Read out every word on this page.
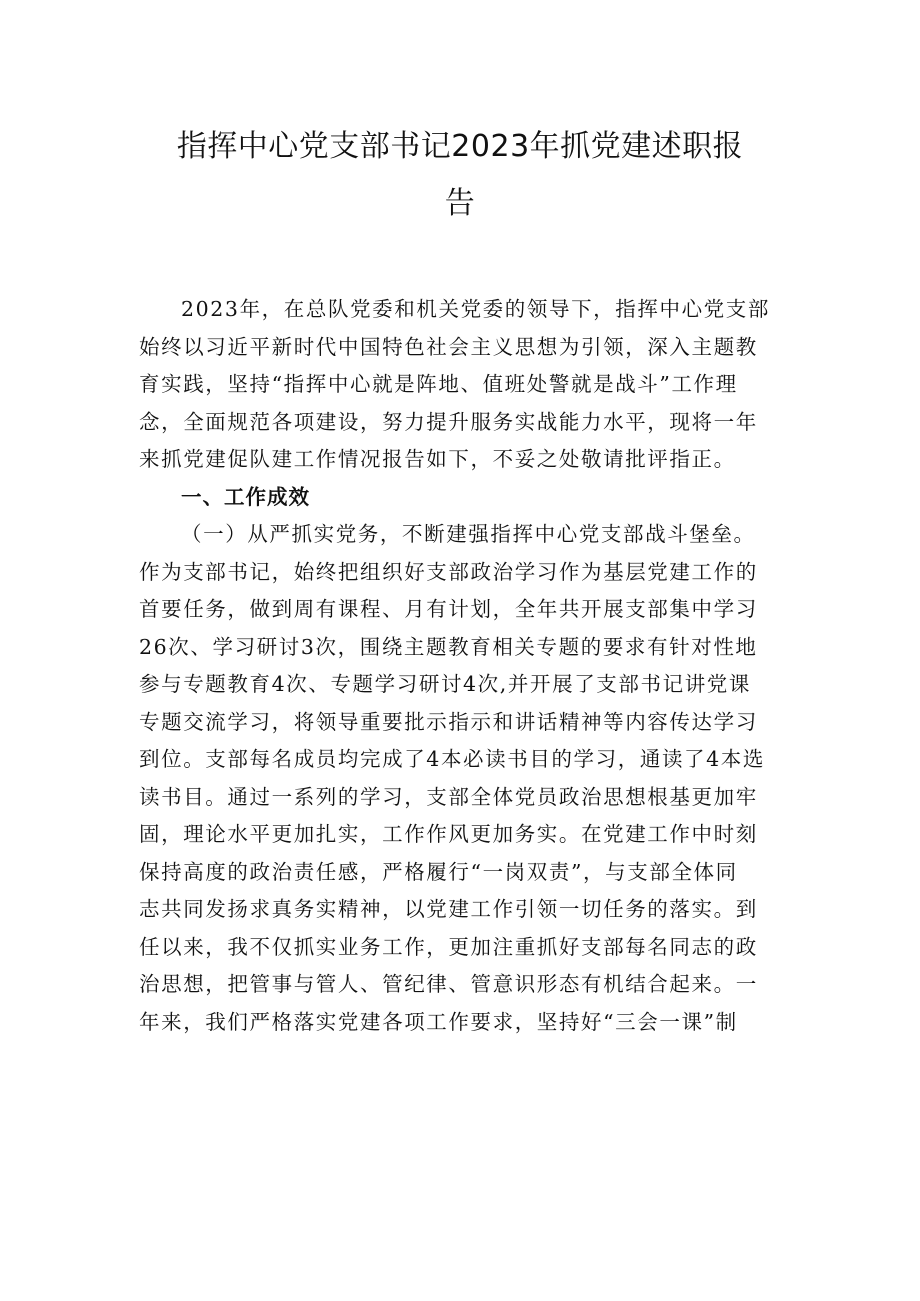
指挥中心党支部书记2023年抓党建述职报
告
2023年，在总队党委和机关党委的领导下，指挥中心党支部
始终以习近平新时代中国特色社会主义思想为引领，深入主题教
育实践，坚持“指挥中心就是阵地、值班处警就是战斗”工作理
念，全面规范各项建设，努力提升服务实战能力水平，现将一年
来抓党建促队建工作情况报告如下，不妥之处敬请批评指正。
一、工作成效
（一）从严抓实党务，不断建强指挥中心党支部战斗堡垒。
作为支部书记，始终把组织好支部政治学习作为基层党建工作的
首要任务，做到周有课程、月有计划，全年共开展支部集中学习
26次、学习研讨3次，围绕主题教育相关专题的要求有针对性地
参与专题教育4次、专题学习研讨4次,并开展了支部书记讲党课
专题交流学习，将领导重要批示指示和讲话精神等内容传达学习
到位。支部每名成员均完成了4本必读书目的学习，通读了4本选
读书目。通过一系列的学习，支部全体党员政治思想根基更加牢
固，理论水平更加扎实，工作作风更加务实。在党建工作中时刻
保持高度的政治责任感，严格履行“一岗双责”，与支部全体同
志共同发扬求真务实精神，以党建工作引领一切任务的落实。到
任以来，我不仅抓实业务工作，更加注重抓好支部每名同志的政
治思想，把管事与管人、管纪律、管意识形态有机结合起来。一
年来，我们严格落实党建各项工作要求，坚持好“三会一课”制
